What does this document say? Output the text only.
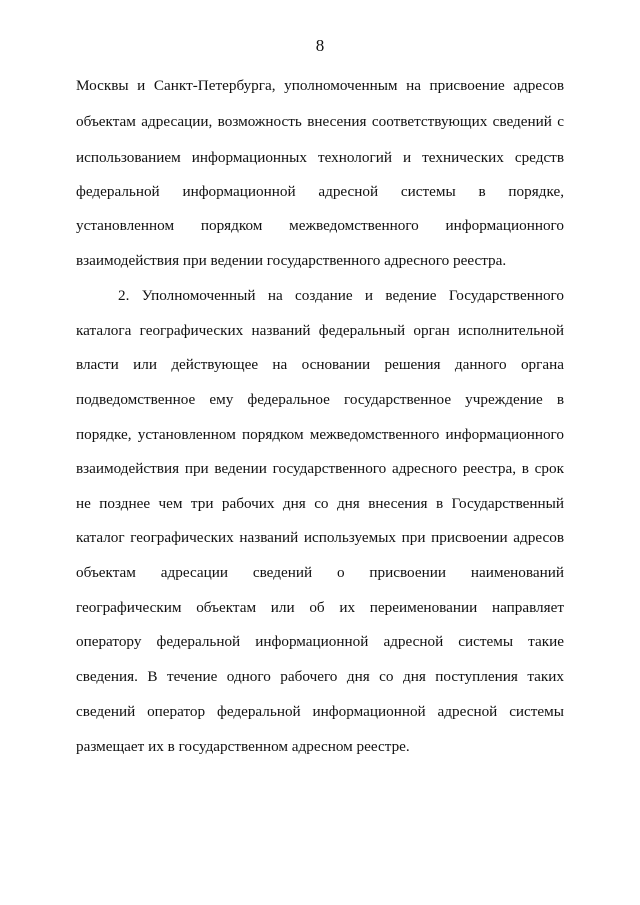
8
Москвы и Санкт-Петербурга, уполномоченным на присвоение адресов
объектам адресации, возможность внесения соответствующих сведений с
использованием информационных технологий и технических средств
федеральной информационной адресной системы в порядке,
установленном порядком межведомственного информационного
взаимодействия при ведении государственного адресного реестра.
2. Уполномоченный на создание и ведение Государственного
каталога географических названий федеральный орган исполнительной
власти или действующее на основании решения данного органа
подведомственное ему федеральное государственное учреждение в
порядке, установленном порядком межведомственного информационного
взаимодействия при ведении государственного адресного реестра, в срок
не позднее чем три рабочих дня со дня внесения в Государственный
каталог географических названий используемых при присвоении адресов
объектам адресации сведений о присвоении наименований
географическим объектам или об их переименовании направляет
оператору федеральной информационной адресной системы такие
сведения. В течение одного рабочего дня со дня поступления таких
сведений оператор федеральной информационной адресной системы
размещает их в государственном адресном реестре.
